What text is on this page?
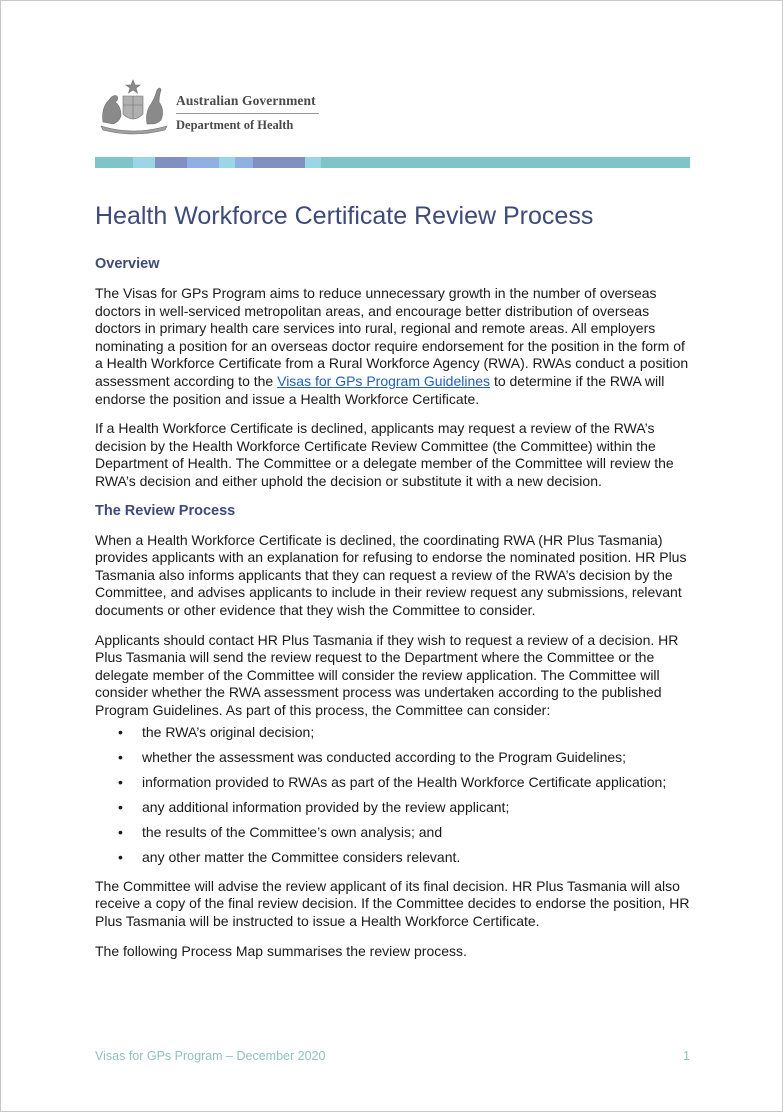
Australian Government
Department of Health
Health Workforce Certificate Review Process
Overview

The Visas for GPs Program aims to reduce unnecessary growth in the number of overseas doctors in well-serviced metropolitan areas, and encourage better distribution of overseas doctors in primary health care services into rural, regional and remote areas. All employers nominating a position for an overseas doctor require endorsement for the position in the form of a Health Workforce Certificate from a Rural Workforce Agency (RWA). RWAs conduct a position assessment according to the Visas for GPs Program Guidelines to determine if the RWA will endorse the position and issue a Health Workforce Certificate.

If a Health Workforce Certificate is declined, applicants may request a review of the RWA’s decision by the Health Workforce Certificate Review Committee (the Committee) within the Department of Health. The Committee or a delegate member of the Committee will review the RWA’s decision and either uphold the decision or substitute it with a new decision.

The Review Process

When a Health Workforce Certificate is declined, the coordinating RWA (HR Plus Tasmania) provides applicants with an explanation for refusing to endorse the nominated position. HR Plus Tasmania also informs applicants that they can request a review of the RWA’s decision by the Committee, and advises applicants to include in their review request any submissions, relevant documents or other evidence that they wish the Committee to consider.

Applicants should contact HR Plus Tasmania if they wish to request a review of a decision. HR Plus Tasmania will send the review request to the Department where the Committee or the delegate member of the Committee will consider the review application. The Committee will consider whether the RWA assessment process was undertaken according to the published Program Guidelines. As part of this process, the Committee can consider:

• the RWA’s original decision;
• whether the assessment was conducted according to the Program Guidelines;
• information provided to RWAs as part of the Health Workforce Certificate application;
• any additional information provided by the review applicant;
• the results of the Committee’s own analysis; and
• any other matter the Committee considers relevant.

The Committee will advise the review applicant of its final decision. HR Plus Tasmania will also receive a copy of the final review decision. If the Committee decides to endorse the position, HR Plus Tasmania will be instructed to issue a Health Workforce Certificate.

The following Process Map summarises the review process.

Visas for GPs Program – December 2020	1
